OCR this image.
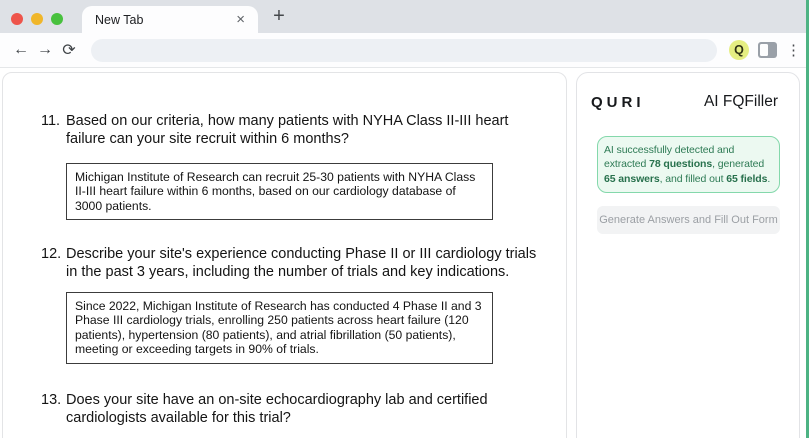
New Tab	×	+
← → ⟳	Q	⋮
11. Based on our criteria, how many patients with NYHA Class II-III heart failure can your site recruit within 6 months?
Michigan Institute of Research can recruit 25-30 patients with NYHA Class II-III heart failure within 6 months, based on our cardiology database of 3000 patients.
12. Describe your site's experience conducting Phase II or III cardiology trials in the past 3 years, including the number of trials and key indications.
Since 2022, Michigan Institute of Research has conducted 4 Phase II and 3 Phase III cardiology trials, enrolling 250 patients across heart failure (120 patients), hypertension (80 patients), and atrial fibrillation (50 patients), meeting or exceeding targets in 90% of trials.
13. Does your site have an on-site echocardiography lab and certified cardiologists available for this trial?
QURI	AI FQFiller
AI successfully detected and extracted 78 questions, generated 65 answers, and filled out 65 fields.
Generate Answers and Fill Out Form
